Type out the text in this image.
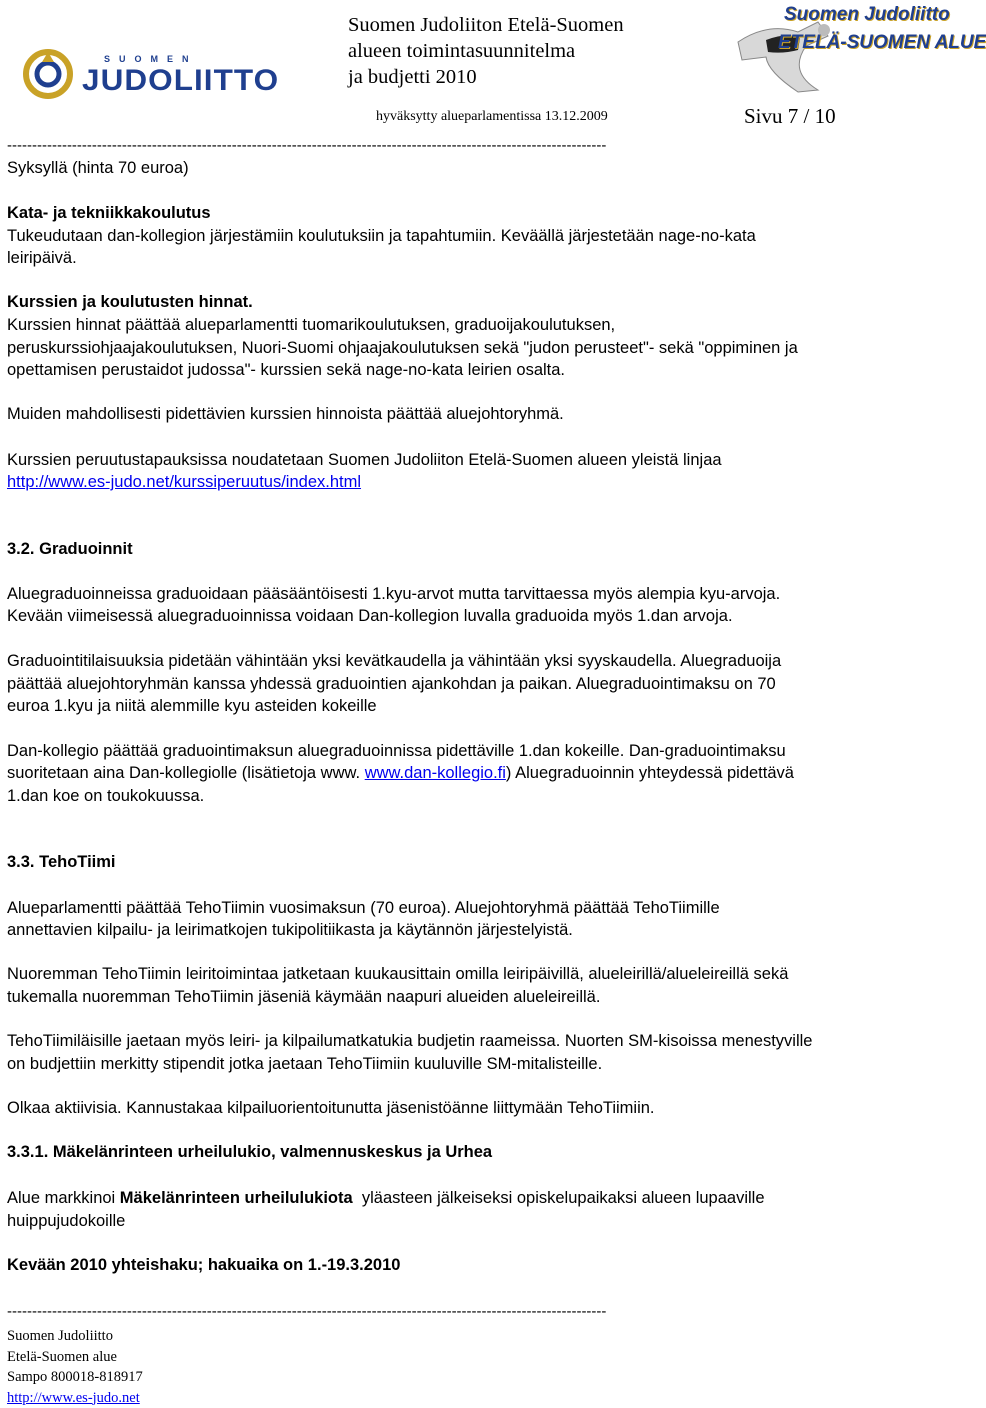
SUOMEN
JUDOLIITTO
Suomen Judoliiton Etelä-Suomen
alueen toimintasuunnitelma
ja budjetti 2010
hyväksytty alueparlamentissa 13.12.2009	Sivu 7 / 10
Suomen Judoliitto
ETELÄ-SUOMEN ALUE
------------------------------------------------------------------------------------------------------------------------
Syksyllä (hinta 70 euroa)
Kata- ja tekniikkakoulutus
Tukeudutaan dan-kollegion järjestämiin koulutuksiin ja tapahtumiin. Keväällä järjestetään nage-no-kata
leiripäivä.
Kurssien ja koulutusten hinnat.
Kurssien hinnat päättää alueparlamentti tuomarikoulutuksen, graduoijakoulutuksen,
peruskurssiohjaajakoulutuksen, Nuori-Suomi ohjaajakoulutuksen sekä "judon perusteet"- sekä "oppiminen ja
opettamisen perustaidot judossa"- kurssien sekä nage-no-kata leirien osalta.
Muiden mahdollisesti pidettävien kurssien hinnoista päättää aluejohtoryhmä.
Kurssien peruutustapauksissa noudatetaan Suomen Judoliiton Etelä-Suomen alueen yleistä linjaa
http://www.es-judo.net/kurssiperuutus/index.html
3.2. Graduoinnit
Aluegraduoinneissa graduoidaan pääsääntöisesti 1.kyu-arvot mutta tarvittaessa myös alempia kyu-arvoja.
Kevään viimeisessä aluegraduoinnissa voidaan Dan-kollegion luvalla graduoida myös 1.dan arvoja.
Graduointitilaisuuksia pidetään vähintään yksi kevätkaudella ja vähintään yksi syyskaudella. Aluegraduoija
päättää aluejohtoryhmän kanssa yhdessä graduointien ajankohdan ja paikan. Aluegraduointimaksu on 70
euroa 1.kyu ja niitä alemmille kyu asteiden kokeille
Dan-kollegio päättää graduointimaksun aluegraduoinnissa pidettäville 1.dan kokeille. Dan-graduointimaksu
suoritetaan aina Dan-kollegiolle (lisätietoja www. www.dan-kollegio.fi) Aluegraduoinnin yhteydessä pidettävä
1.dan koe on toukokuussa.
3.3. TehoTiimi
Alueparlamentti päättää TehoTiimin vuosimaksun (70 euroa). Aluejohtoryhmä päättää TehoTiimille
annettavien kilpailu- ja leirimatkojen tukipolitiikasta ja käytännön järjestelyistä.
Nuoremman TehoTiimin leiritoimintaa jatketaan kuukausittain omilla leiripäivillä, alueleirillä/alueleireillä sekä
tukemalla nuoremman TehoTiimin jäseniä käymään naapuri alueiden alueleireillä.
TehoTiimiläisille jaetaan myös leiri- ja kilpailumatkatukia budjetin raameissa. Nuorten SM-kisoissa menestyville
on budjettiin merkitty stipendit jotka jaetaan TehoTiimiin kuuluville SM-mitalisteille.
Olkaa aktiivisia. Kannustakaa kilpailuorientoitunutta jäsenistöänne liittymään TehoTiimiin.
3.3.1. Mäkelänrinteen urheilulukio, valmennuskeskus ja Urhea
Alue markkinoi Mäkelänrinteen urheilulukiota  yläasteen jälkeiseksi opiskelupaikaksi alueen lupaaville
huippujudokoille
Kevään 2010 yhteishaku; hakuaika on 1.-19.3.2010
------------------------------------------------------------------------------------------------------------------------
Suomen Judoliitto
Etelä-Suomen alue
Sampo 800018-818917
http://www.es-judo.net
